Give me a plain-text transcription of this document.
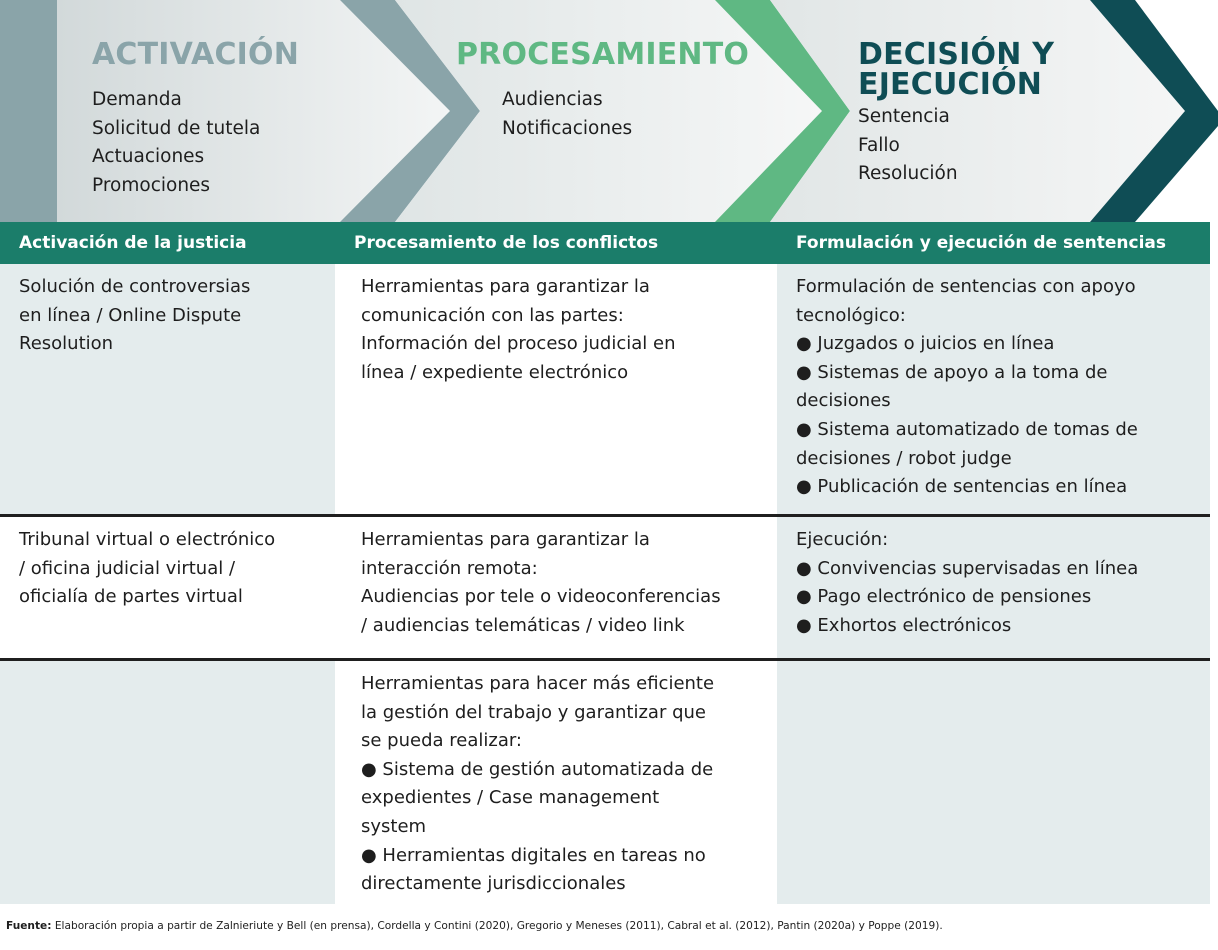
ACTIVACIÓN
Demanda
Solicitud de tutela
Actuaciones
Promociones
PROCESAMIENTO
Audiencias
Notificaciones
DECISIÓN Y
EJECUCIÓN
Sentencia
Fallo
Resolución
Activación de la justicia	Procesamiento de los conflictos	Formulación y ejecución de sentencias
Solución de controversias
en línea / Online Dispute
Resolution
Herramientas para garantizar la
comunicación con las partes:
Información del proceso judicial en
línea / expediente electrónico
Formulación de sentencias con apoyo
tecnológico:
● Juzgados o juicios en línea
● Sistemas de apoyo a la toma de
decisiones
● Sistema automatizado de tomas de
decisiones / robot judge
● Publicación de sentencias en línea
Tribunal virtual o electrónico
/ oficina judicial virtual /
oficialía de partes virtual
Herramientas para garantizar la
interacción remota:
Audiencias por tele o videoconferencias
/ audiencias telemáticas / video link
Ejecución:
● Convivencias supervisadas en línea
● Pago electrónico de pensiones
● Exhortos electrónicos
Herramientas para hacer más eficiente
la gestión del trabajo y garantizar que
se pueda realizar:
● Sistema de gestión automatizada de
expedientes / Case management
system
● Herramientas digitales en tareas no
directamente jurisdiccionales
Fuente: Elaboración propia a partir de Zalnieriute y Bell (en prensa), Cordella y Contini (2020), Gregorio y Meneses (2011), Cabral et al. (2012), Pantin (2020a) y Poppe (2019).
